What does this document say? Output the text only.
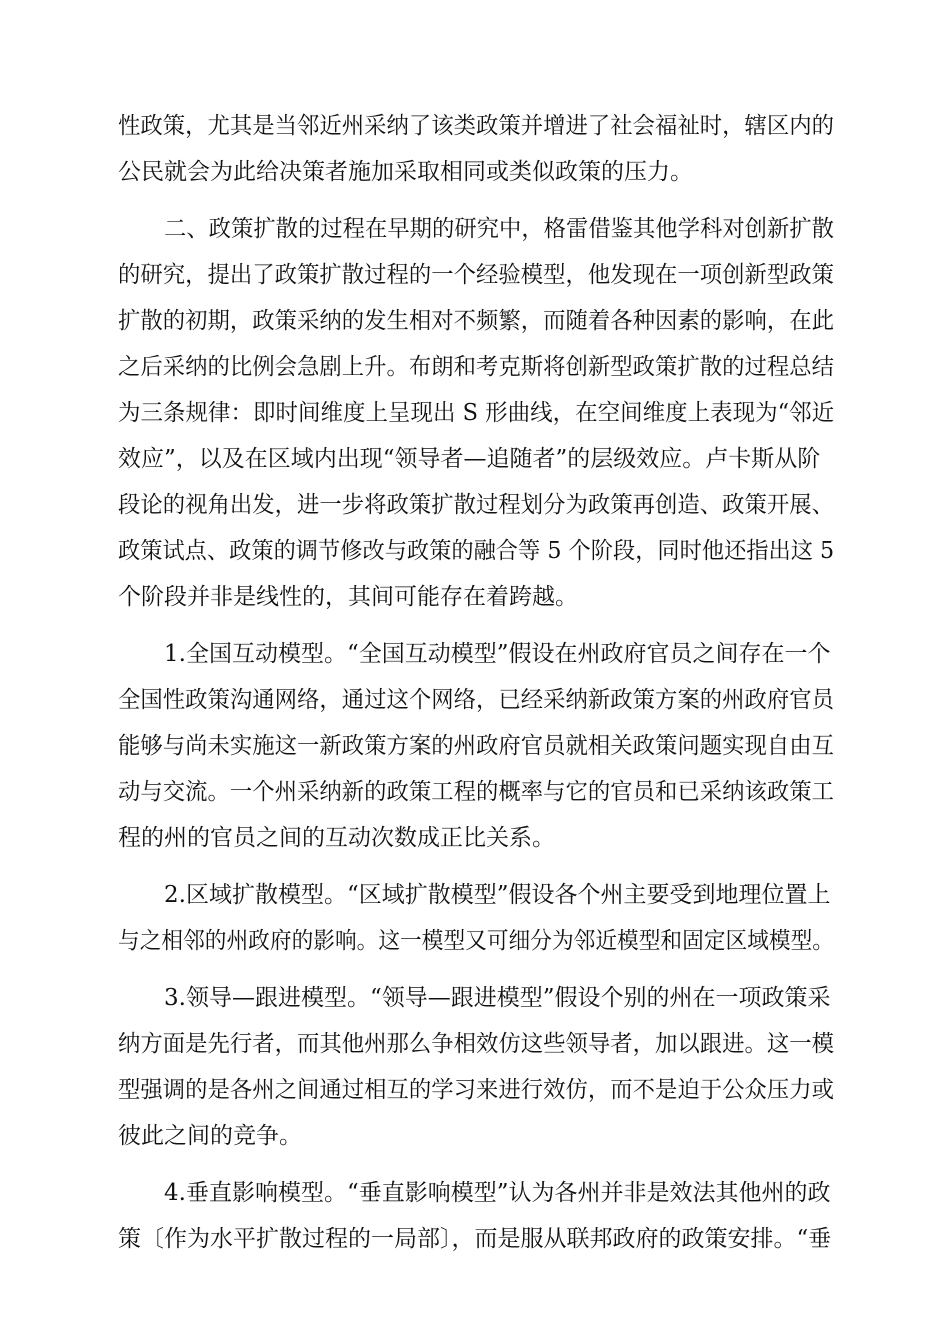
性政策，尤其是当邻近州采纳了该类政策并增进了社会福祉时，辖区内的
公民就会为此给决策者施加采取相同或类似政策的压力。
二、政策扩散的过程在早期的研究中，格雷借鉴其他学科对创新扩散
的研究，提出了政策扩散过程的一个经验模型，他发现在一项创新型政策
扩散的初期，政策采纳的发生相对不频繁，而随着各种因素的影响，在此
之后采纳的比例会急剧上升。布朗和考克斯将创新型政策扩散的过程总结
为三条规律：即时间维度上呈现出 S 形曲线，在空间维度上表现为“邻近
效应”，以及在区域内出现“领导者—追随者”的层级效应。卢卡斯从阶
段论的视角出发，进一步将政策扩散过程划分为政策再创造、政策开展、
政策试点、政策的调节修改与政策的融合等 5 个阶段，同时他还指出这 5
个阶段并非是线性的，其间可能存在着跨越。
1.全国互动模型。“全国互动模型”假设在州政府官员之间存在一个
全国性政策沟通网络，通过这个网络，已经采纳新政策方案的州政府官员
能够与尚未实施这一新政策方案的州政府官员就相关政策问题实现自由互
动与交流。一个州采纳新的政策工程的概率与它的官员和已采纳该政策工
程的州的官员之间的互动次数成正比关系。
2.区域扩散模型。“区域扩散模型”假设各个州主要受到地理位置上
与之相邻的州政府的影响。这一模型又可细分为邻近模型和固定区域模型。
3.领导—跟进模型。“领导—跟进模型”假设个别的州在一项政策采
纳方面是先行者，而其他州那么争相效仿这些领导者，加以跟进。这一模
型强调的是各州之间通过相互的学习来进行效仿，而不是迫于公众压力或
彼此之间的竞争。
4.垂直影响模型。“垂直影响模型”认为各州并非是效法其他州的政
策〔作为水平扩散过程的一局部〕，而是服从联邦政府的政策安排。“垂
